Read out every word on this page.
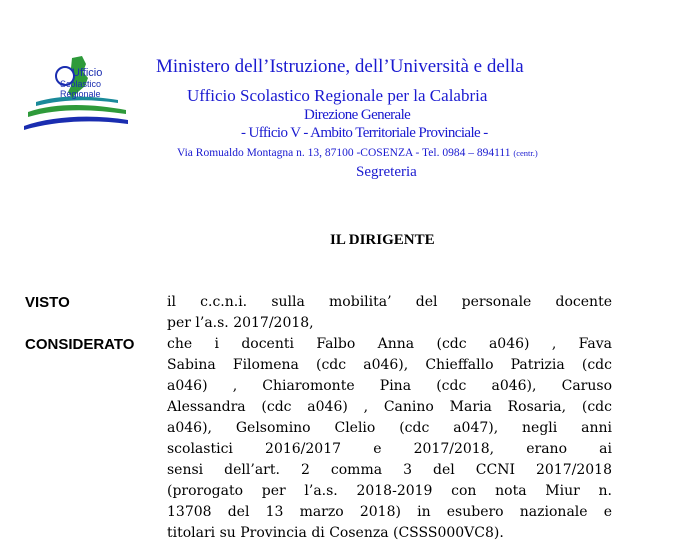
Ufficio
Scolastico
Regionale
Ministero dell’Istruzione, dell’Università e della
Ufficio Scolastico Regionale per la Calabria
Direzione Generale
- Ufficio V - Ambito Territoriale Provinciale -
Via Romualdo Montagna n. 13, 87100 -COSENZA - Tel. 0984 – 894111 (centr.)
Segreteria
IL DIRIGENTE
VISTO	il c.c.n.i. sulla mobilita’ del personale docente
per l’a.s. 2017/2018,
CONSIDERATO che i docenti Falbo Anna (cdc a046) , Fava
Sabina Filomena (cdc a046), Chieffallo Patrizia (cdc
a046) , Chiaromonte Pina (cdc a046), Caruso
Alessandra (cdc a046) , Canino Maria Rosaria, (cdc
a046), Gelsomino Clelio (cdc a047), negli anni
scolastici 2016/2017 e 2017/2018, erano ai
sensi dell’art. 2 comma 3 del CCNI 2017/2018
(prorogato per l’a.s. 2018-2019 con nota Miur n.
13708 del 13 marzo 2018) in esubero nazionale e
titolari su Provincia di Cosenza (CSSS000VC8).
